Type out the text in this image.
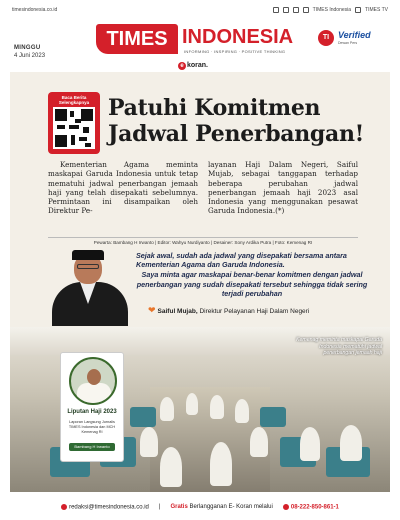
timesindonesia.co.id	TIMES Indonesia	TIMES TV
MINGGU
4 Juni 2023
TIMES INDONESIA
INFORMING · INSPIRING · POSITIVE THINKING
e koran.
TI Verified
Dewan Pers
Baca Berita Selengkapnya Patuhi Komitmen
Jadwal Penerbangan!

Kementerian Agama meminta maskapai Garuda Indonesia untuk tetap mematuhi jadwal penerbangan jemaah haji yang telah disepakati sebelumnya. Permintaan ini disampaikan oleh Direktur Pe-

layanan Haji Dalam Negeri, Saiful Mujab, sebagai tanggapan terhadap beberapa perubahan jadwal penerbangan jemaah haji 2023 asal Indonesia yang menggunakan pesawat Garuda Indonesia.(*)

Pewarta: Bambang H Irwanto | Editor: Wahyu Nurdiyanto | Desainer: Sony Ardika Putra | Foto: Kemenag RI

Sejak awal, sudah ada jadwal yang disepakati bersama antara Kementerian Agama dan Garuda Indonesia.

Saya minta agar maskapai benar-benar komitmen dengan jadwal penerbangan yang sudah disepakati tersebut sehingga tidak sering terjadi perubahan

❤ Saiful Mujab, Direktur Pelayanan Haji Dalam Negeri
Kemenag meminta maskapai Garuda Indonesia mematuhi jadwal penerbangan jemaah haji
Liputan Haji 2023
Laporan Langsung Jurnalis TIMES Indonesia dan MCH Kemenag RI
Bambang H Irwanto
redaksi@timesindonesia.co.id | Gratis Berlangganan E- Koran melalui	08-222-850-861-1
